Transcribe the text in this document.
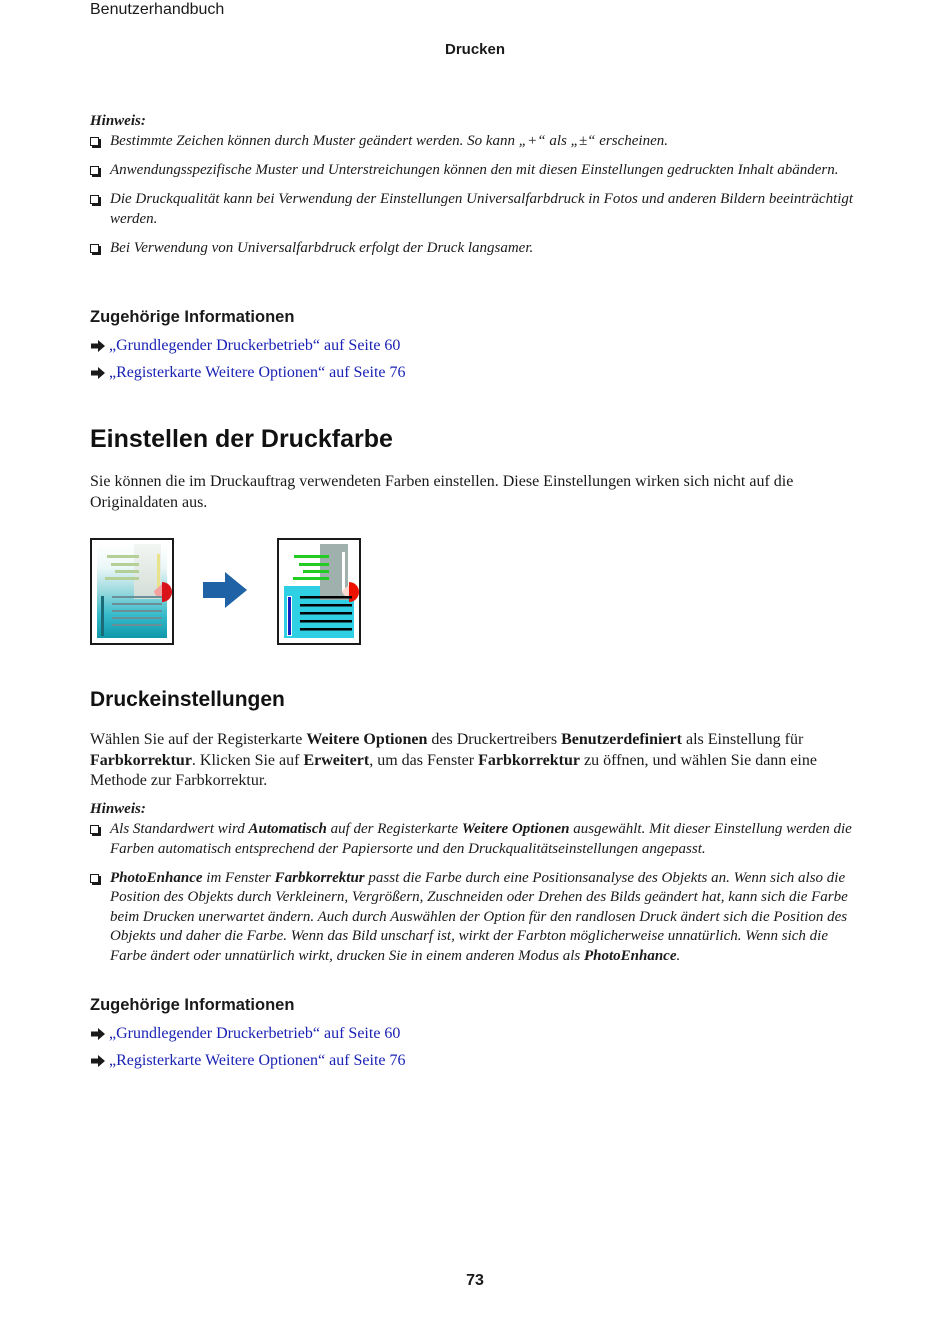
Benutzerhandbuch
Drucken
Hinweis:
Bestimmte Zeichen können durch Muster geändert werden. So kann „+“ als „±“ erscheinen.
Anwendungsspezifische Muster und Unterstreichungen können den mit diesen Einstellungen gedruckten Inhalt abändern.
Die Druckqualität kann bei Verwendung der Einstellungen Universalfarbdruck in Fotos und anderen Bildern beeinträchtigt werden.
Bei Verwendung von Universalfarbdruck erfolgt der Druck langsamer.
Zugehörige Informationen
„Grundlegender Druckerbetrieb“ auf Seite 60
„Registerkarte Weitere Optionen“ auf Seite 76
Einstellen der Druckfarbe
Sie können die im Druckauftrag verwendeten Farben einstellen. Diese Einstellungen wirken sich nicht auf die Originaldaten aus.
Druckeinstellungen
Wählen Sie auf der Registerkarte Weitere Optionen des Druckertreibers Benutzerdefiniert als Einstellung für Farbkorrektur. Klicken Sie auf Erweitert, um das Fenster Farbkorrektur zu öffnen, und wählen Sie dann eine Methode zur Farbkorrektur.
Hinweis:
Als Standardwert wird Automatisch auf der Registerkarte Weitere Optionen ausgewählt. Mit dieser Einstellung werden die Farben automatisch entsprechend der Papiersorte und den Druckqualitätseinstellungen angepasst.
PhotoEnhance im Fenster Farbkorrektur passt die Farbe durch eine Positionsanalyse des Objekts an. Wenn sich also die Position des Objekts durch Verkleinern, Vergrößern, Zuschneiden oder Drehen des Bilds geändert hat, kann sich die Farbe beim Drucken unerwartet ändern. Auch durch Auswählen der Option für den randlosen Druck ändert sich die Position des Objekts und daher die Farbe. Wenn das Bild unscharf ist, wirkt der Farbton möglicherweise unnatürlich. Wenn sich die Farbe ändert oder unnatürlich wirkt, drucken Sie in einem anderen Modus als PhotoEnhance.
Zugehörige Informationen
„Grundlegender Druckerbetrieb“ auf Seite 60
„Registerkarte Weitere Optionen“ auf Seite 76
73
